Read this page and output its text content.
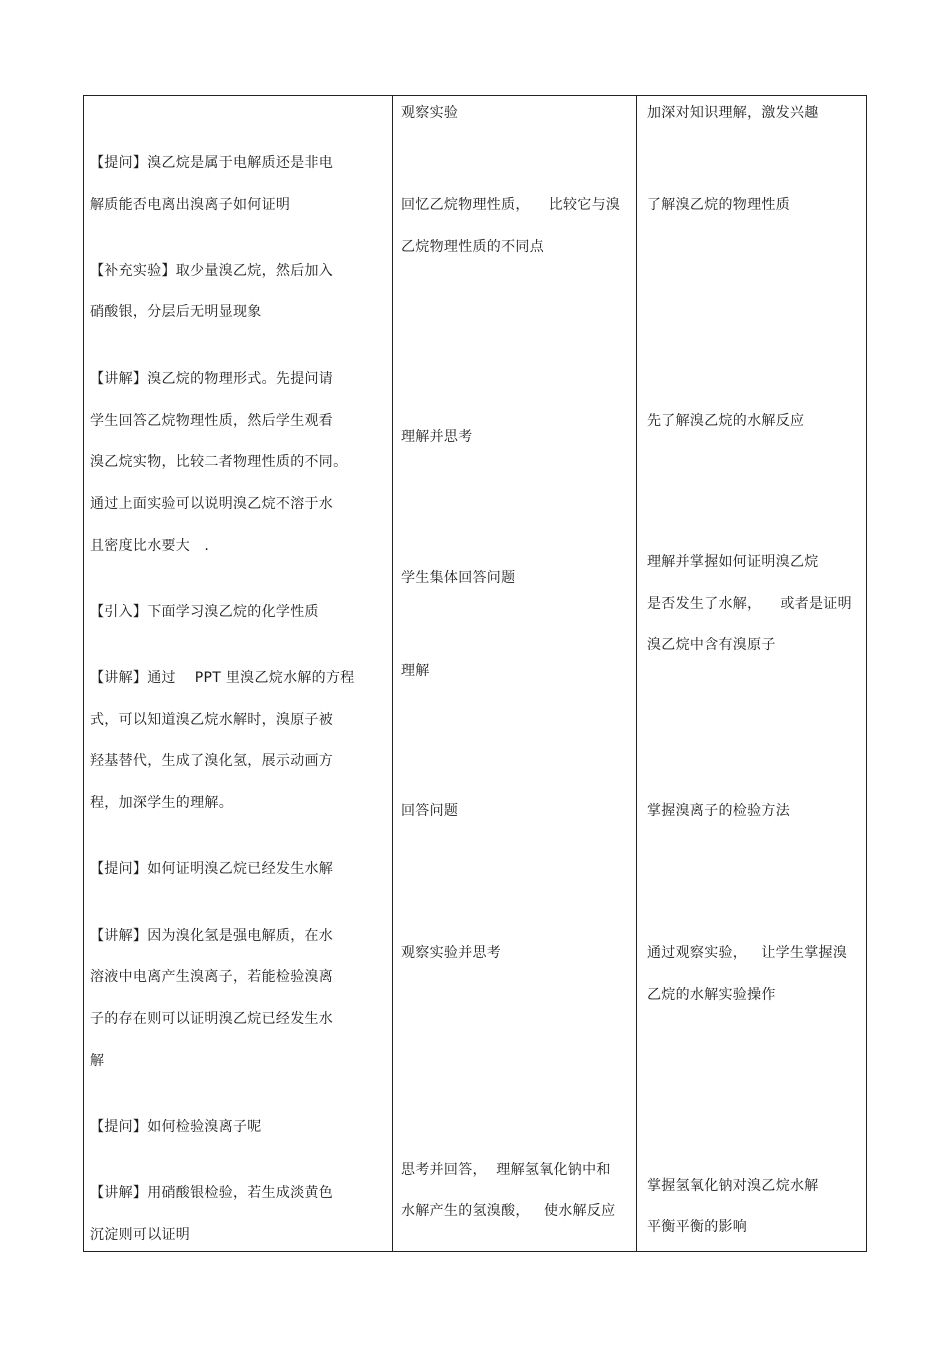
【提问】溴乙烷是属于电解质还是非电
解质能否电离出溴离子如何证明
【补充实验】取少量溴乙烷，然后加入
硝酸银，分层后无明显现象
【讲解】溴乙烷的物理形式。先提问请
学生回答乙烷物理性质，然后学生观看
溴乙烷实物，比较二者物理性质的不同。
通过上面实验可以说明溴乙烷不溶于水
且密度比水要大   .
【引入】下面学习溴乙烷的化学性质
【讲解】通过    PPT 里溴乙烷水解的方程
式，可以知道溴乙烷水解时，溴原子被
羟基替代，生成了溴化氢，展示动画方
程，加深学生的理解。
【提问】如何证明溴乙烷已经发生水解
【讲解】因为溴化氢是强电解质，在水
溶液中电离产生溴离子，若能检验溴离
子的存在则可以证明溴乙烷已经发生水
解
【提问】如何检验溴离子呢
【讲解】用硝酸银检验，若生成淡黄色
沉淀则可以证明
观察实验
回忆乙烷物理性质，    比较它与溴
乙烷物理性质的不同点
理解并思考
学生集体回答问题
理解
回答问题
观察实验并思考
思考并回答，  理解氢氧化钠中和
水解产生的氢溴酸，   使水解反应
加深对知识理解，激发兴趣
了解溴乙烷的物理性质
先了解溴乙烷的水解反应
理解并掌握如何证明溴乙烷
是否发生了水解，    或者是证明
溴乙烷中含有溴原子
掌握溴离子的检验方法
通过观察实验，   让学生掌握溴
乙烷的水解实验操作
掌握氢氧化钠对溴乙烷水解
平衡平衡的影响
